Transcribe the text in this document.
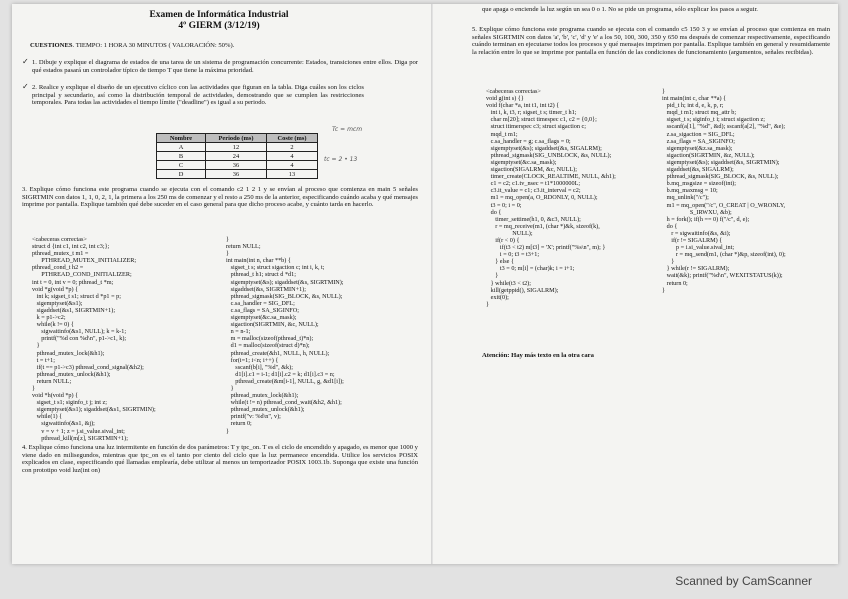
Examen de Informática Industrial
4º GIERM (3/12/19)

CUESTIONES. TIEMPO: 1 HORA 30 MINUTOS ( VALORACIÓN: 50%).

✓ 1. Dibuje y explique el diagrama de estados de una tarea de un sistema de programación concurrente: Estados, transiciones entre ellos. Diga por qué estados pasará un controlador típico de tiempo T que tiene la máxima prioridad.

✓ 2. Realice y explique el diseño de un ejecutivo cíclico con las actividades que figuran en la tabla. Diga cuáles son los ciclos principal y secundario, así como la distribución temporal de actividades, demostrando que se cumplen las restricciones temporales. Para todas las actividades el tiempo límite ("deadline") es igual a su periodo.

Nombre	Periodo (ms)	Coste (ms)
A	12	2
B	24	4
C	36	4
D	36	13
Tc = mcm
tc = 2 • 13

3. Explique cómo funciona este programa cuando se ejecuta con el comando c2 1 2 1 y se envían al proceso que comienza en main 5 señales SIGRTMIN con datos 1, 1, 0, 2, 1, la primera a los 250 ms de comenzar y el resto a 250 ms de la anterior, especificando cuándo acaba y qué mensajes imprime por pantalla. Explique también qué debe suceder en el caso general para que dicho proceso acabe, y cuánto tarda en hacerlo.

<cabeceras correctas>
struct d {int c1, int c2, int c3;};
pthread_mutex_t m1 =
PTHREAD_MUTEX_INITIALIZER;
pthread_cond_t h2 =
PTHREAD_COND_INITIALIZER;
int t = 0, int v = 0; pthread_t *m;
void *g(void *p) {
int k; sigset_t s1; struct d *p1 = p;
sigemptyset(&s1);
sigaddset(&s1, SIGRTMIN+1);
k = p1->c2;
while(k != 0) {
sigwaitinfo(&s1, NULL); k = k-1;
printf("%d con %d\n", p1->c1, k);
}
pthread_mutex_lock(&h1);
t = t+1;
if(t == p1->c3) pthread_cond_signal(&h2);
pthread_mutex_unlock(&h1);
return NULL;
}
void *h(void *p) {
sigset_t s1; siginfo_t j; int z;
sigemptyset(&s1); sigaddset(&s1, SIGRTMIN);
while(1) {
sigwaitinfo(&s1, &j);
v = v + 1; z = j.si_value.sival_int;
pthread_kill(m[z], SIGRTMIN+1);
}
return NULL;
}
int main(int n, char **b) {
sigset_t s; struct sigaction c; int i, k, t;
pthread_t h1; struct d *d1;
sigemptyset(&s); sigaddset(&s, SIGRTMIN);
sigaddset(&s, SIGRTMIN+1);
pthread_sigmask(SIG_BLOCK, &s, NULL);
c.sa_handler = SIG_DFL;
c.sa_flags = SA_SIGINFO;
sigemptyset(&c.sa_mask);
sigaction(SIGRTMIN, &c, NULL);
n = n-1;
m = malloc(sizeof(pthread_t)*n);
d1 = malloc(sizeof(struct d)*n);
pthread_create(&h1, NULL, h, NULL);
for(i=1; i<n; i++) {
sscanf(b[i], "%d", &k);
d1[i].c1 = i-1; d1[i].c2 = k; d1[i].c3 = n;
pthread_create(&m[i-1], NULL, g, &d1[i]);
}
pthread_mutex_lock(&h1);
while(t != n) pthread_cond_wait(&h2, &h1);
pthread_mutex_unlock(&h1);
printf("v: %d\n", v);
return 0;
}

4. Explique cómo funciona una luz intermitente en función de dos parámetros: T y tpc_on. T es el ciclo de encendido y apagado, es menor que 1000 y viene dado en milisegundos, mientras que tpc_on es el tanto por ciento del ciclo que la luz permanece encendida. Utilice los servicios POSIX explicados en clase, especificando qué llamadas emplearía, debe utilizar al menos un temporizador POSIX 1003.1b. Suponga que existe una función con prototipo void luz(int on)

que apaga o enciende la luz según un sea 0 o 1. No se pide un programa, sólo explicar los pasos a seguir.

5. Explique cómo funciona este programa cuando se ejecuta con el comando c5 150 3 y se envían al proceso que comienza en main señales SIGRTMIN con datos 'a', 'b', 'c', 'd' y 'e' a los 50, 100, 300, 350 y 650 ms después de comenzar respectivamente, especificando cuándo terminan en ejecutarse todos los procesos y qué mensajes imprimen por pantalla. Explique también en general y resumidamente la relación entre lo que se imprime por pantalla en función de las condiciones de funcionamiento (argumentos, señales recibidas).

<cabeceras correctas>
void g(int s) {}
void f(char *a, int t1, int t2) {
int i, k, t3, r; sigset_t s; timer_t h1;
char m[20]; struct timespec c1, c2 = {0,0};
struct itimerspec c3; struct sigaction c;
mqd_t m1;
c.sa_handler = g; c.sa_flags = 0;
sigemptyset(&s); sigaddset(&s, SIGALRM);
pthread_sigmask(SIG_UNBLOCK, &s, NULL);
sigemptyset(&c.sa_mask);
sigaction(SIGALRM, &c, NULL);
timer_create(CLOCK_REALTIME, NULL, &h1);
c1 = c2; c1.tv_nsec = t1*1000000L;
c3.it_value = c1; c3.it_interval = c2;
m1 = mq_open(a, O_RDONLY, 0, NULL);
t3 = 0; i = 0;
do {
timer_settime(h1, 0, &c3, NULL);
r = mq_receive(m1, (char *)&k, sizeof(k),
NULL);
if(r < 0) {
if(t3 < t2) m[t3] = 'X'; printf("%s\n", m); }
i = 0; t3 = t3+1;
} else {
t3 = 0; m[i] = (char)k; i = i+1;
}
} while(t3 < t2);
kill(getppid(), SIGALRM);
exit(0);
}
}
int main(int c, char **a) {
pid_t h; int d, e, k, p, r;
mqd_t m1; struct mq_attr b;
sigset_t s; siginfo_t i; struct sigaction z;
sscanf(a[1], "%d", &d); sscanf(a[2], "%d", &e);
z.sa_sigaction = SIG_DFL;
z.sa_flags = SA_SIGINFO;
sigemptyset(&z.sa_mask);
sigaction(SIGRTMIN, &z, NULL);
sigemptyset(&s); sigaddset(&s, SIGRTMIN);
sigaddset(&s, SIGALRM);
pthread_sigmask(SIG_BLOCK, &s, NULL);
b.mq_msgsize = sizeof(int);
b.mq_maxmsg = 10;
mq_unlink("/c");
m1 = mq_open("/c", O_CREAT | O_WRONLY,
S_IRWXU, &b);
h = fork(); if(h == 0) f("/c", d, e);
do {
r = sigwaitinfo(&s, &i);
if(r != SIGALRM) {
p = i.si_value.sival_int;
r = mq_send(m1, (char *)&p, sizeof(int), 0);
}
} while(r != SIGALRM);
wait(&k); printf("%d\n", WEXITSTATUS(k));
return 0;
}

Atención: Hay más texto en la otra cara

Scanned by CamScanner
